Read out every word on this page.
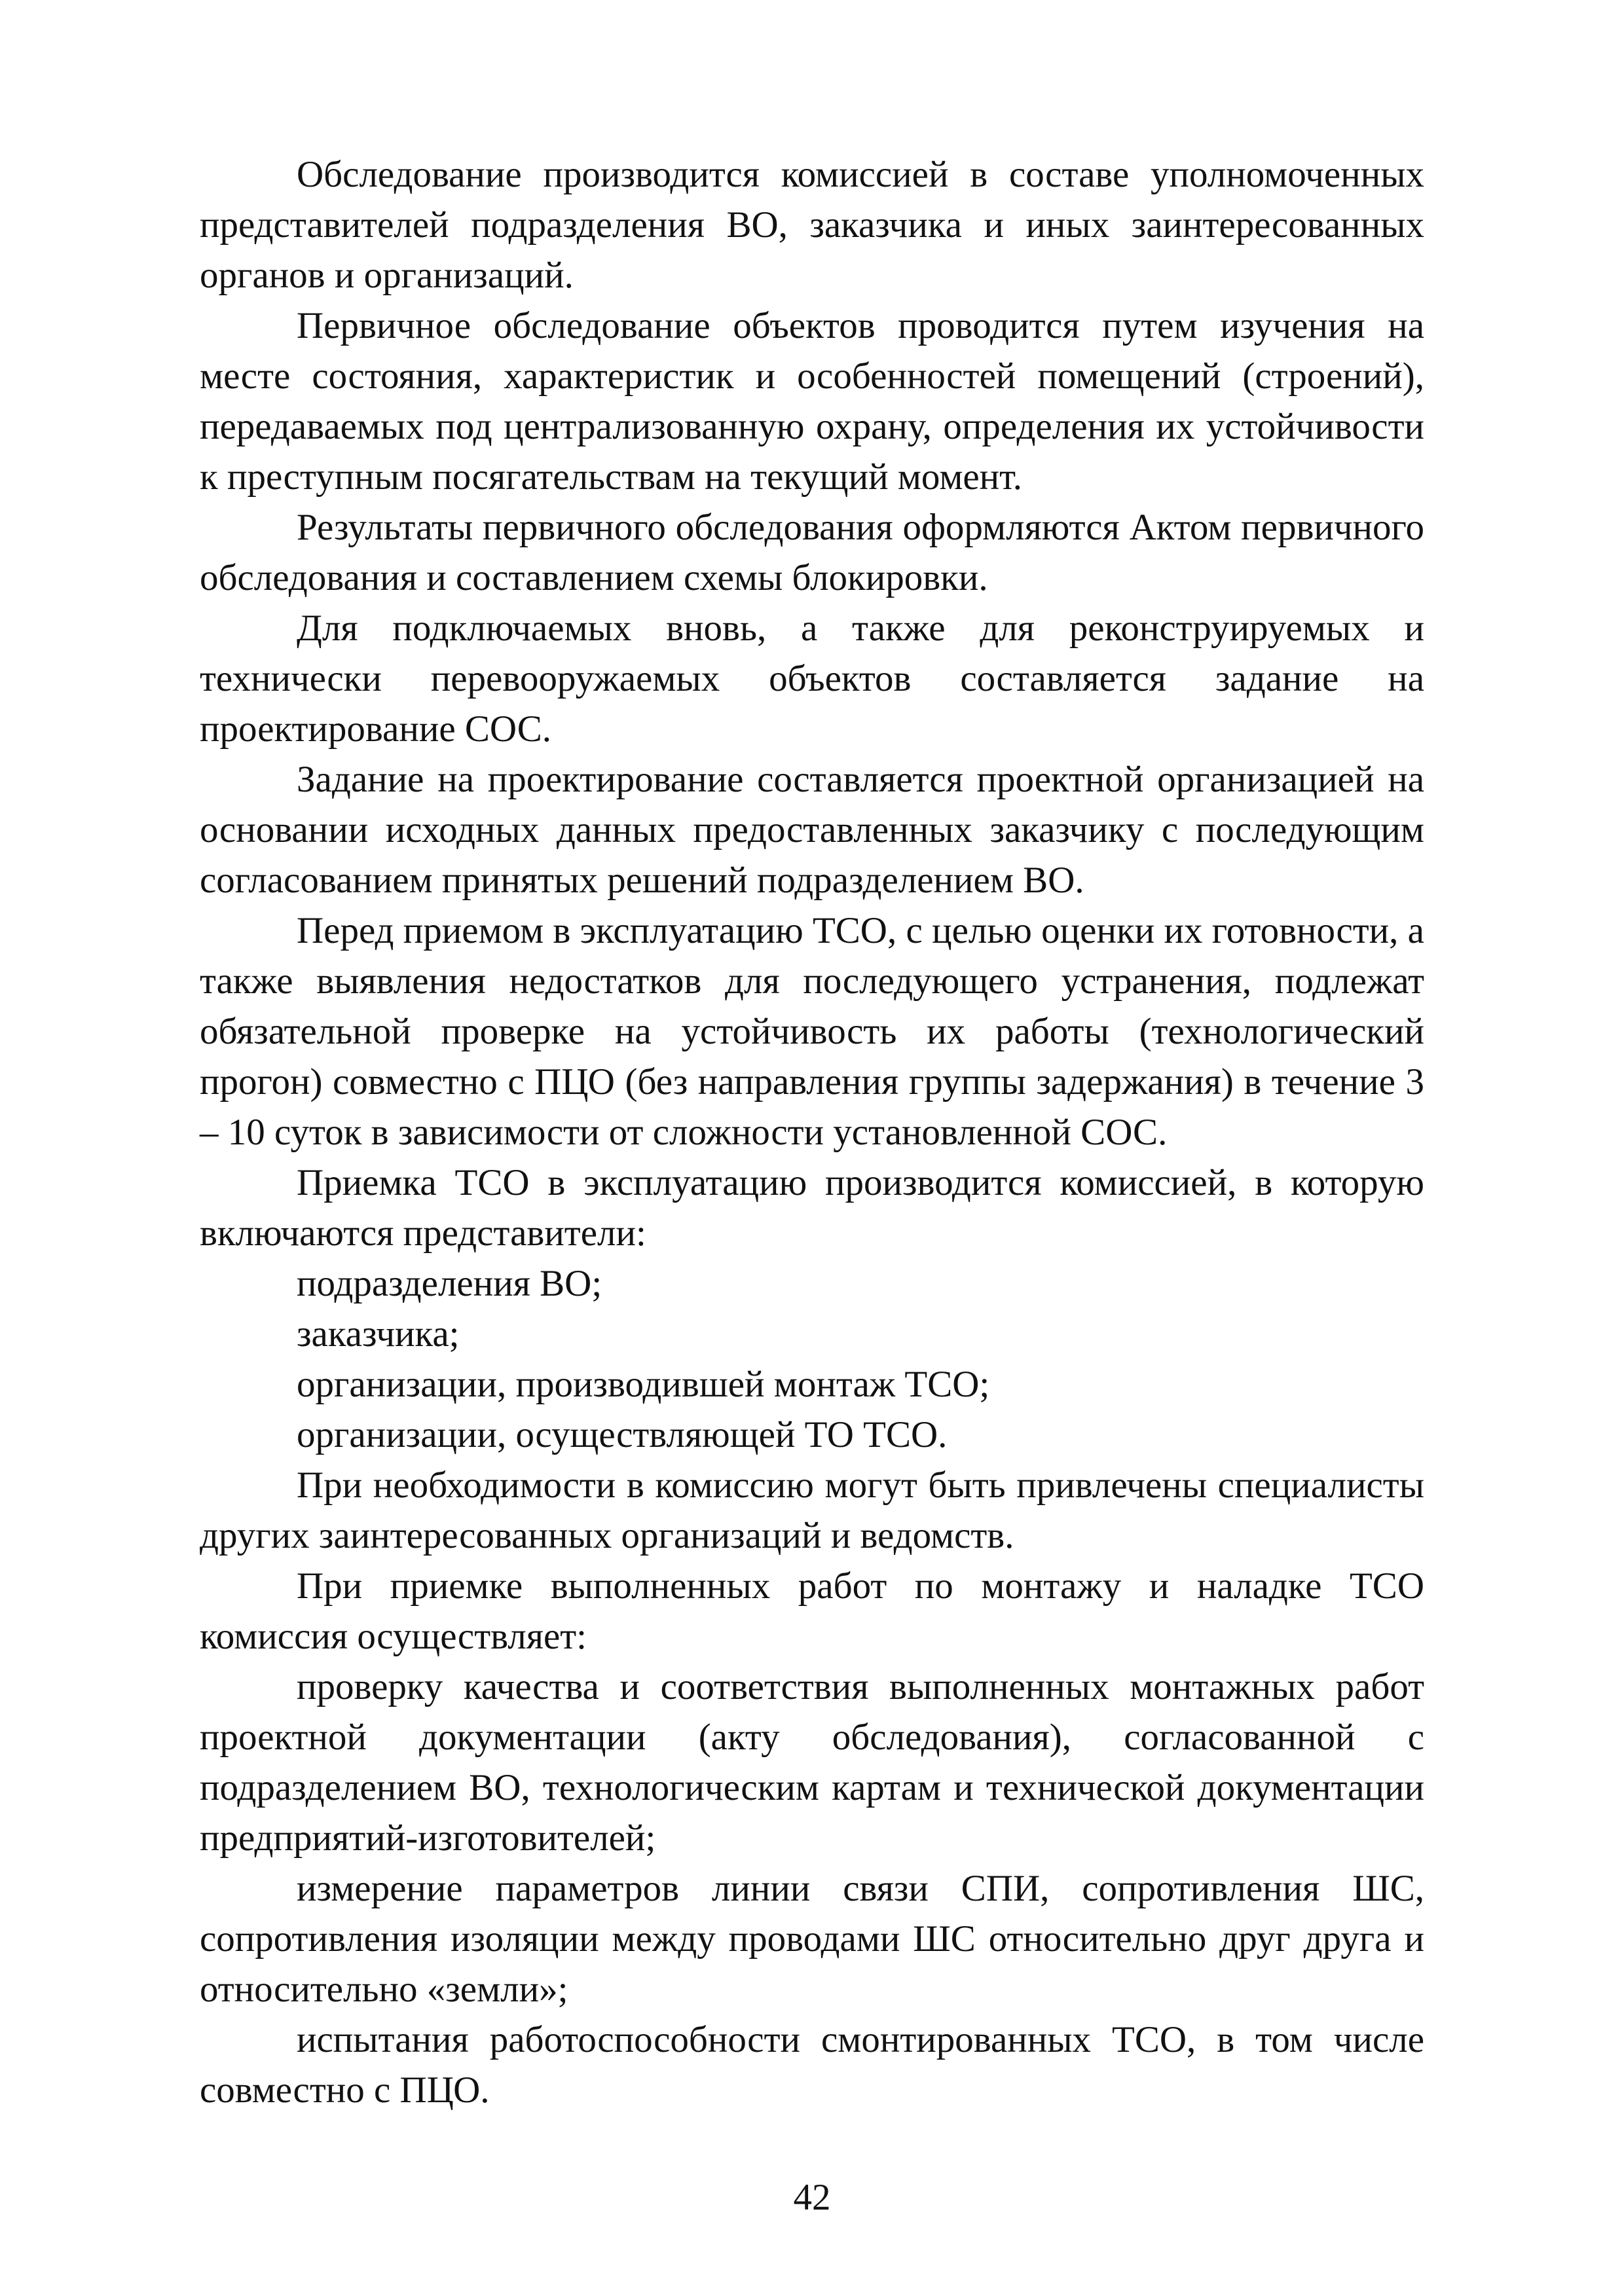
Обследование производится комиссией в составе уполномоченных представителей подразделения ВО, заказчика и иных заинтересованных органов и организаций.

Первичное обследование объектов проводится путем изучения на месте состояния, характеристик и особенностей помещений (строений), передаваемых под централизованную охрану, определения их устойчивости к преступным посягательствам на текущий момент.

Результаты первичного обследования оформляются Актом первичного обследования и составлением схемы блокировки.

Для подключаемых вновь, а также для реконструируемых и технически перевооружаемых объектов составляется задание на проектирование СОС.

Задание на проектирование составляется проектной организацией на основании исходных данных предоставленных заказчику с последующим согласованием принятых решений подразделением ВО.

Перед приемом в эксплуатацию ТСО, с целью оценки их готовности, а также выявления недостатков для последующего устранения, подлежат обязательной проверке на устойчивость их работы (технологический прогон) совместно с ПЦО (без направления группы задержания) в течение 3 – 10 суток в зависимости от сложности установленной СОС.

Приемка ТСО в эксплуатацию производится комиссией, в которую включаются представители:

подразделения ВО;

заказчика;

организации, производившей монтаж ТСО;

организации, осуществляющей ТО ТСО.

При необходимости в комиссию могут быть привлечены специалисты других заинтересованных организаций и ведомств.

При приемке выполненных работ по монтажу и наладке ТСО комиссия осуществляет:

проверку качества и соответствия выполненных монтажных работ проектной документации (акту обследования), согласованной с подразделением ВО, технологическим картам и технической документации предприятий-изготовителей;

измерение параметров линии связи СПИ, сопротивления ШС, сопротивления изоляции между проводами ШС относительно друг друга и относительно «земли»;

испытания работоспособности смонтированных ТСО, в том числе совместно с ПЦО.

42
